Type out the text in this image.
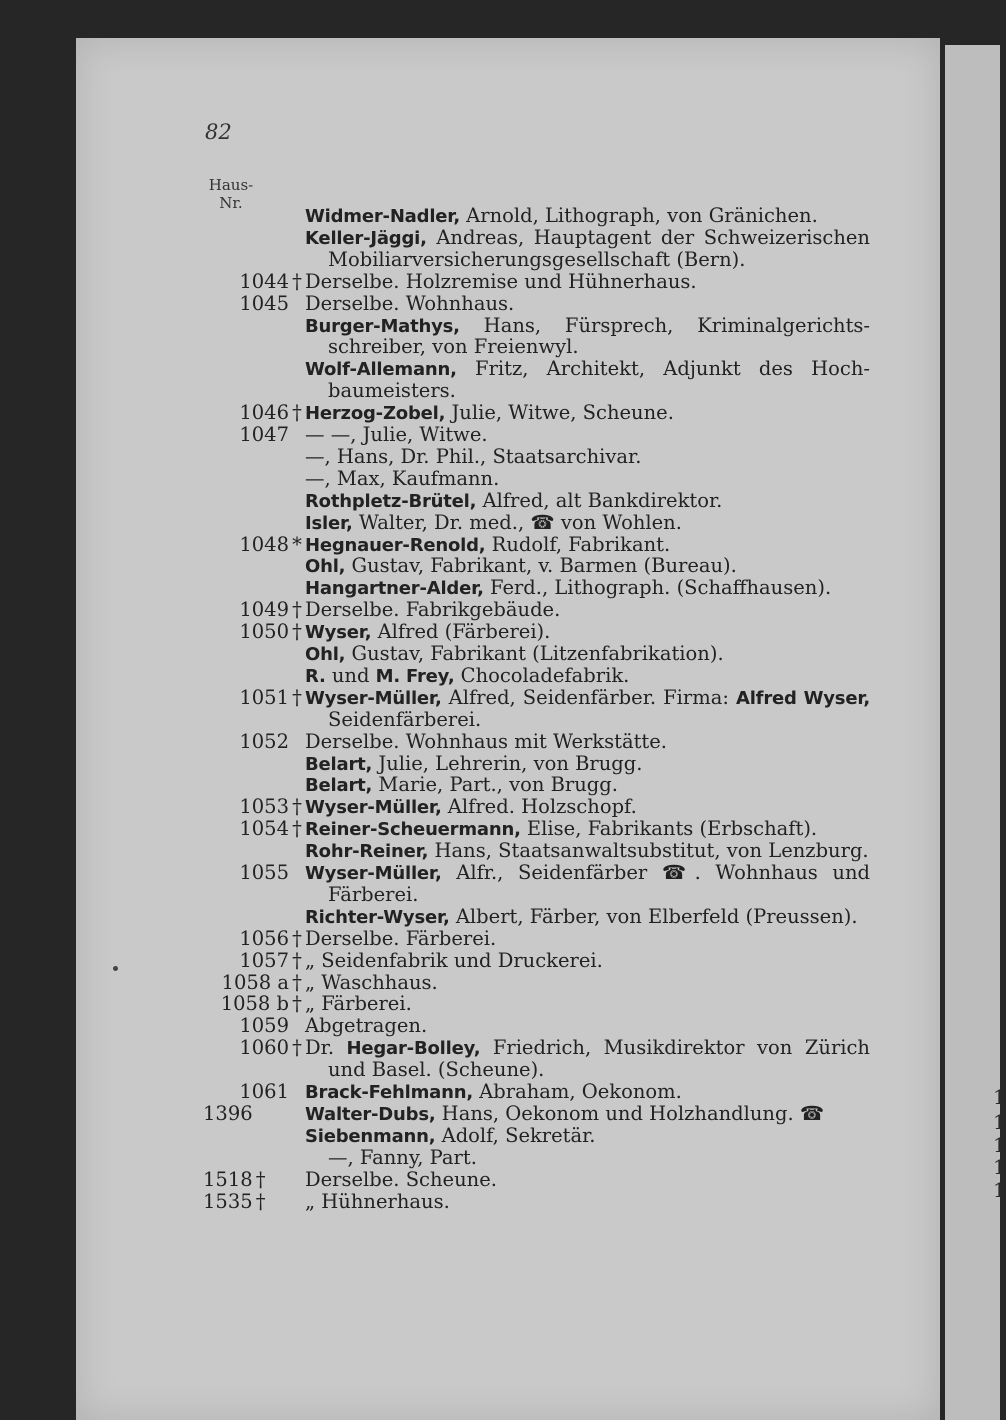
1
1
1
1
1
82
Haus-
Nr.
Widmer-Nadler, Arnold, Lithograph, von Gränichen.
Keller-Jäggi, Andreas, Hauptagent der Schweizerischen
Mobiliarversicherungsgesellschaft (Bern).
1044 † Derselbe. Holzremise und Hühnerhaus.
1045 Derselbe. Wohnhaus.
Burger-Mathys, Hans, Fürsprech, Kriminalgerichts-
schreiber, von Freienwyl.
Wolf-Allemann, Fritz, Architekt, Adjunkt des Hoch-
baumeisters.
1046 † Herzog-Zobel, Julie, Witwe, Scheune.
1047 — —, Julie, Witwe.
—, Hans, Dr. Phil., Staatsarchivar.
—, Max, Kaufmann.
Rothpletz-Brütel, Alfred, alt Bankdirektor.
Isler, Walter, Dr. med., ☎ von Wohlen.
1048 * Hegnauer-Renold, Rudolf, Fabrikant.
Ohl, Gustav, Fabrikant, v. Barmen (Bureau).
Hangartner-Alder, Ferd., Lithograph. (Schaffhausen).
1049 † Derselbe. Fabrikgebäude.
1050 † Wyser, Alfred (Färberei).
Ohl, Gustav, Fabrikant (Litzenfabrikation).
R. und M. Frey, Chocoladefabrik.
1051 † Wyser-Müller, Alfred, Seidenfärber. Firma: Alfred Wyser,
Seidenfärberei.
1052 Derselbe. Wohnhaus mit Werkstätte.
Belart, Julie, Lehrerin, von Brugg.
Belart, Marie, Part., von Brugg.
1053 † Wyser-Müller, Alfred. Holzschopf.
1054 † Reiner-Scheuermann, Elise, Fabrikants (Erbschaft).
Rohr-Reiner, Hans, Staatsanwaltsubstitut, von Lenzburg.
1055 Wyser-Müller, Alfr., Seidenfärber ☎. Wohnhaus und
Färberei.
Richter-Wyser, Albert, Färber, von Elberfeld (Preussen).
1056 † Derselbe. Färberei.
1057 † „ Seidenfabrik und Druckerei.
1058 a † „ Waschhaus.
1058 b † „ Färberei.
1059 Abgetragen.
1060 † Dr. Hegar-Bolley, Friedrich, Musikdirektor von Zürich
und Basel. (Scheune).
1061 Brack-Fehlmann, Abraham, Oekonom.
1396	Walter-Dubs, Hans, Oekonom und Holzhandlung. ☎
Siebenmann, Adolf, Sekretär.
—, Fanny, Part.
1518 † Derselbe. Scheune.
1535 † „ Hühnerhaus.
